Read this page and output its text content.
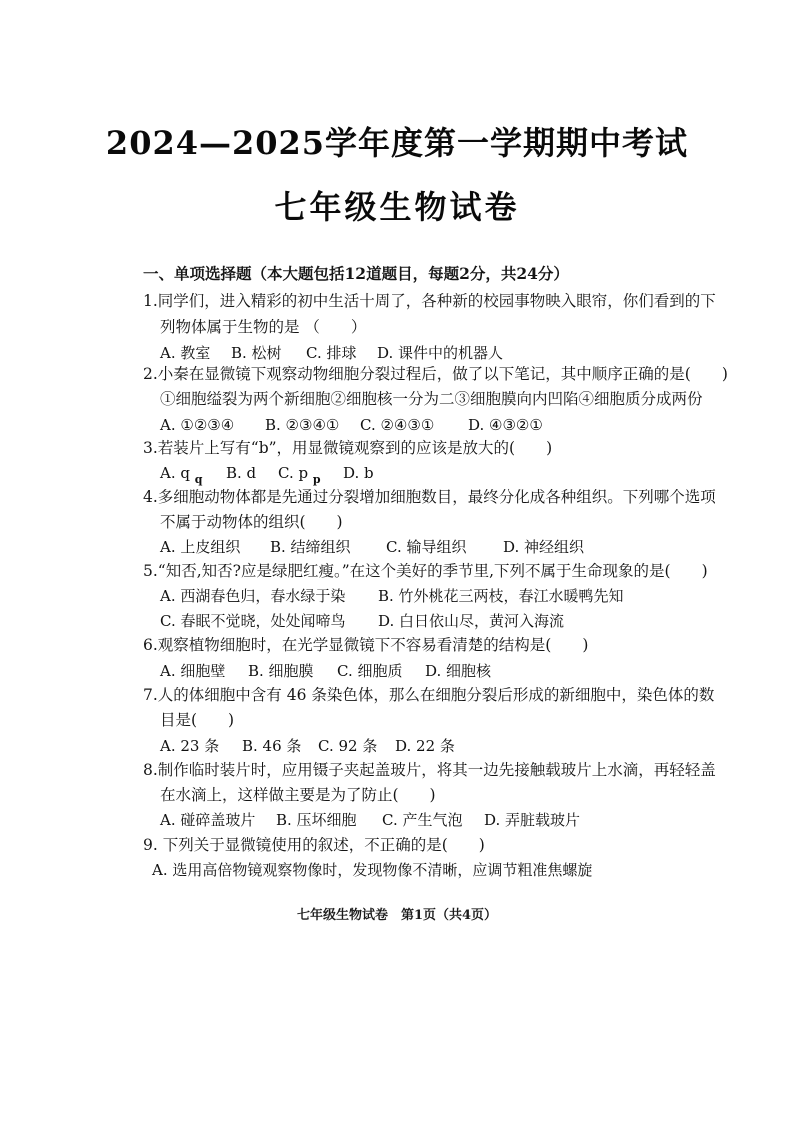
2024—2025学年度第一学期期中考试
七年级生物试卷
一、单项选择题（本大题包括12道题目，每题2分，共24分）
1.同学们，进入精彩的初中生活十周了，各种新的校园事物映入眼帘，你们看到的下
列物体属于生物的是 （　　）
A. 教室 B. 松树 C. 排球 D. 课件中的机器人
2.小秦在显微镜下观察动物细胞分裂过程后，做了以下笔记，其中顺序正确的是(　　)
①细胞缢裂为两个新细胞②细胞核一分为二③细胞膜向内凹陷④细胞质分成两份
A. ①②③④ B. ②③④① C. ②④③① D. ④③②①
3.若装片上写有“b”，用显微镜观察到的应该是放大的(　　)
A. q $_q$ B. d C. p $_p$ D. b
4.多细胞动物体都是先通过分裂增加细胞数目，最终分化成各种组织。下列哪个选项
不属于动物体的组织(　　)
A. 上皮组织 B. 结缔组织 C. 输导组织 D. 神经组织
5.“知否,知否?应是绿肥红瘦。”在这个美好的季节里,下列不属于生命现象的是(　　)
A. 西湖春色归，春水绿于染 B. 竹外桃花三两枝，春江水暖鸭先知
C. 春眠不觉晓，处处闻啼鸟 D. 白日依山尽，黄河入海流
6.观察植物细胞时，在光学显微镜下不容易看清楚的结构是(　　)
A. 细胞壁 B. 细胞膜 C. 细胞质 D. 细胞核
7.人的体细胞中含有 46 条染色体，那么在细胞分裂后形成的新细胞中，染色体的数
目是(　　)
A. 23 条 B. 46 条 C. 92 条 D. 22 条
8.制作临时装片时，应用镊子夹起盖玻片，将其一边先接触载玻片上水滴，再轻轻盖
在水滴上，这样做主要是为了防止(　　)
A. 碰碎盖玻片 B. 压坏细胞 C. 产生气泡 D. 弄脏载玻片
9. 下列关于显微镜使用的叙述，不正确的是(　　)
A. 选用高倍物镜观察物像时，发现物像不清晰，应调节粗准焦螺旋
七年级生物试卷　第1页（共4页）
